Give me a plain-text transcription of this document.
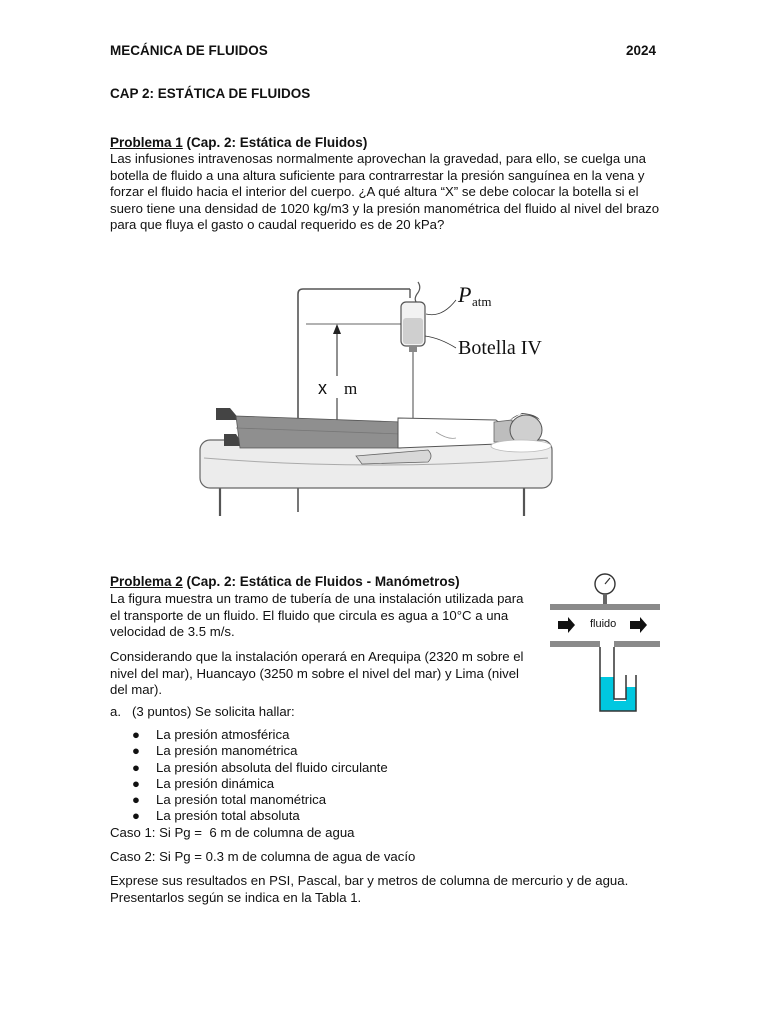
MECÁNICA DE FLUIDOS	2024
CAP 2: ESTÁTICA DE FLUIDOS
Problema 1 (Cap. 2: Estática de Fluidos)
Las infusiones intravenosas normalmente aprovechan la gravedad, para ello, se cuelga una
botella de fluido a una altura suficiente para contrarrestar la presión sanguínea en la vena y
forzar el fluido hacia el interior del cuerpo. ¿A qué altura “X” se debe colocar la botella si el
suero tiene una densidad de 1020 kg/m3 y la presión manométrica del fluido al nivel del brazo
para que fluya el gasto o caudal requerido es de 20 kPa?
x m
P atm
Botella IV
Problema 2 (Cap. 2: Estática de Fluidos - Manómetros)
La figura muestra un tramo de tubería de una instalación utilizada para
el transporte de un fluido. El fluido que circula es agua a 10°C a una
velocidad de 3.5 m/s.
Considerando que la instalación operará en Arequipa (2320 m sobre el
nivel del mar), Huancayo (3250 m sobre el nivel del mar) y Lima (nivel
del mar).
a. (3 puntos) Se solicita hallar:
● La presión atmosférica
● La presión manométrica
● La presión absoluta del fluido circulante
● La presión dinámica
● La presión total manométrica
● La presión total absoluta
Caso 1: Si Pg =  6 m de columna de agua
Caso 2: Si Pg = 0.3 m de columna de agua de vacío
Exprese sus resultados en PSI, Pascal, bar y metros de columna de mercurio y de agua.
Presentarlos según se indica en la Tabla 1.
fluido
